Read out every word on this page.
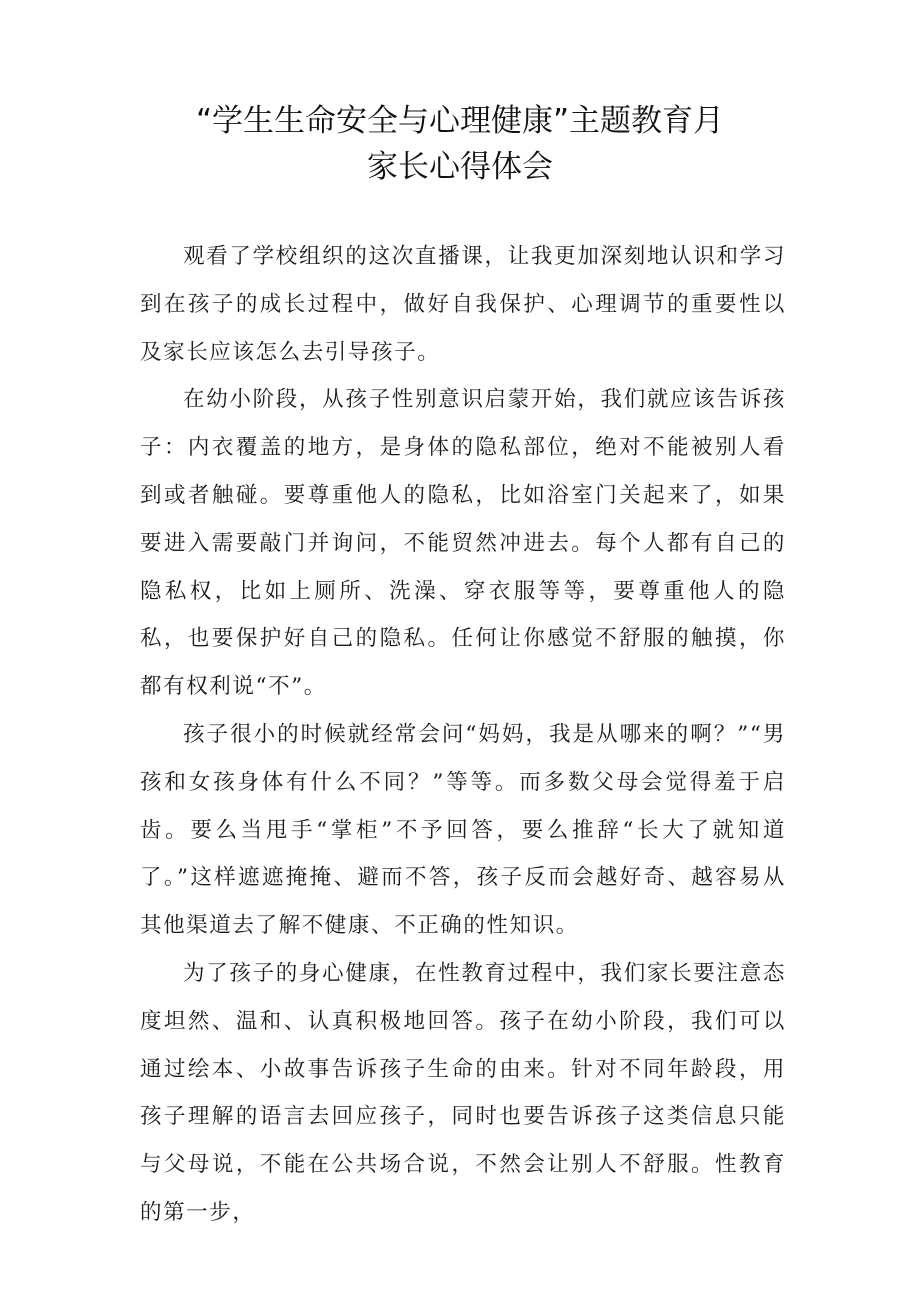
“学生生命安全与心理健康”主题教育月
家长心得体会

观看了学校组织的这次直播课，让我更加深刻地认识和学习到在孩子的成长过程中，做好自我保护、心理调节的重要性以及家长应该怎么去引导孩子。

在幼小阶段，从孩子性别意识启蒙开始，我们就应该告诉孩子：内衣覆盖的地方，是身体的隐私部位，绝对不能被别人看到或者触碰。要尊重他人的隐私，比如浴室门关起来了，如果要进入需要敲门并询问，不能贸然冲进去。每个人都有自己的隐私权，比如上厕所、洗澡、穿衣服等等，要尊重他人的隐私，也要保护好自己的隐私。任何让你感觉不舒服的触摸，你都有权利说“不”。

孩子很小的时候就经常会问“妈妈，我是从哪来的啊？”“男孩和女孩身体有什么不同？”等等。而多数父母会觉得羞于启齿。要么当甩手“掌柜”不予回答，要么推辞“长大了就知道了。”这样遮遮掩掩、避而不答，孩子反而会越好奇、越容易从其他渠道去了解不健康、不正确的性知识。

为了孩子的身心健康，在性教育过程中，我们家长要注意态度坦然、温和、认真积极地回答。孩子在幼小阶段，我们可以通过绘本、小故事告诉孩子生命的由来。针对不同年龄段，用孩子理解的语言去回应孩子，同时也要告诉孩子这类信息只能与父母说，不能在公共场合说，不然会让别人不舒服。性教育的第一步，
